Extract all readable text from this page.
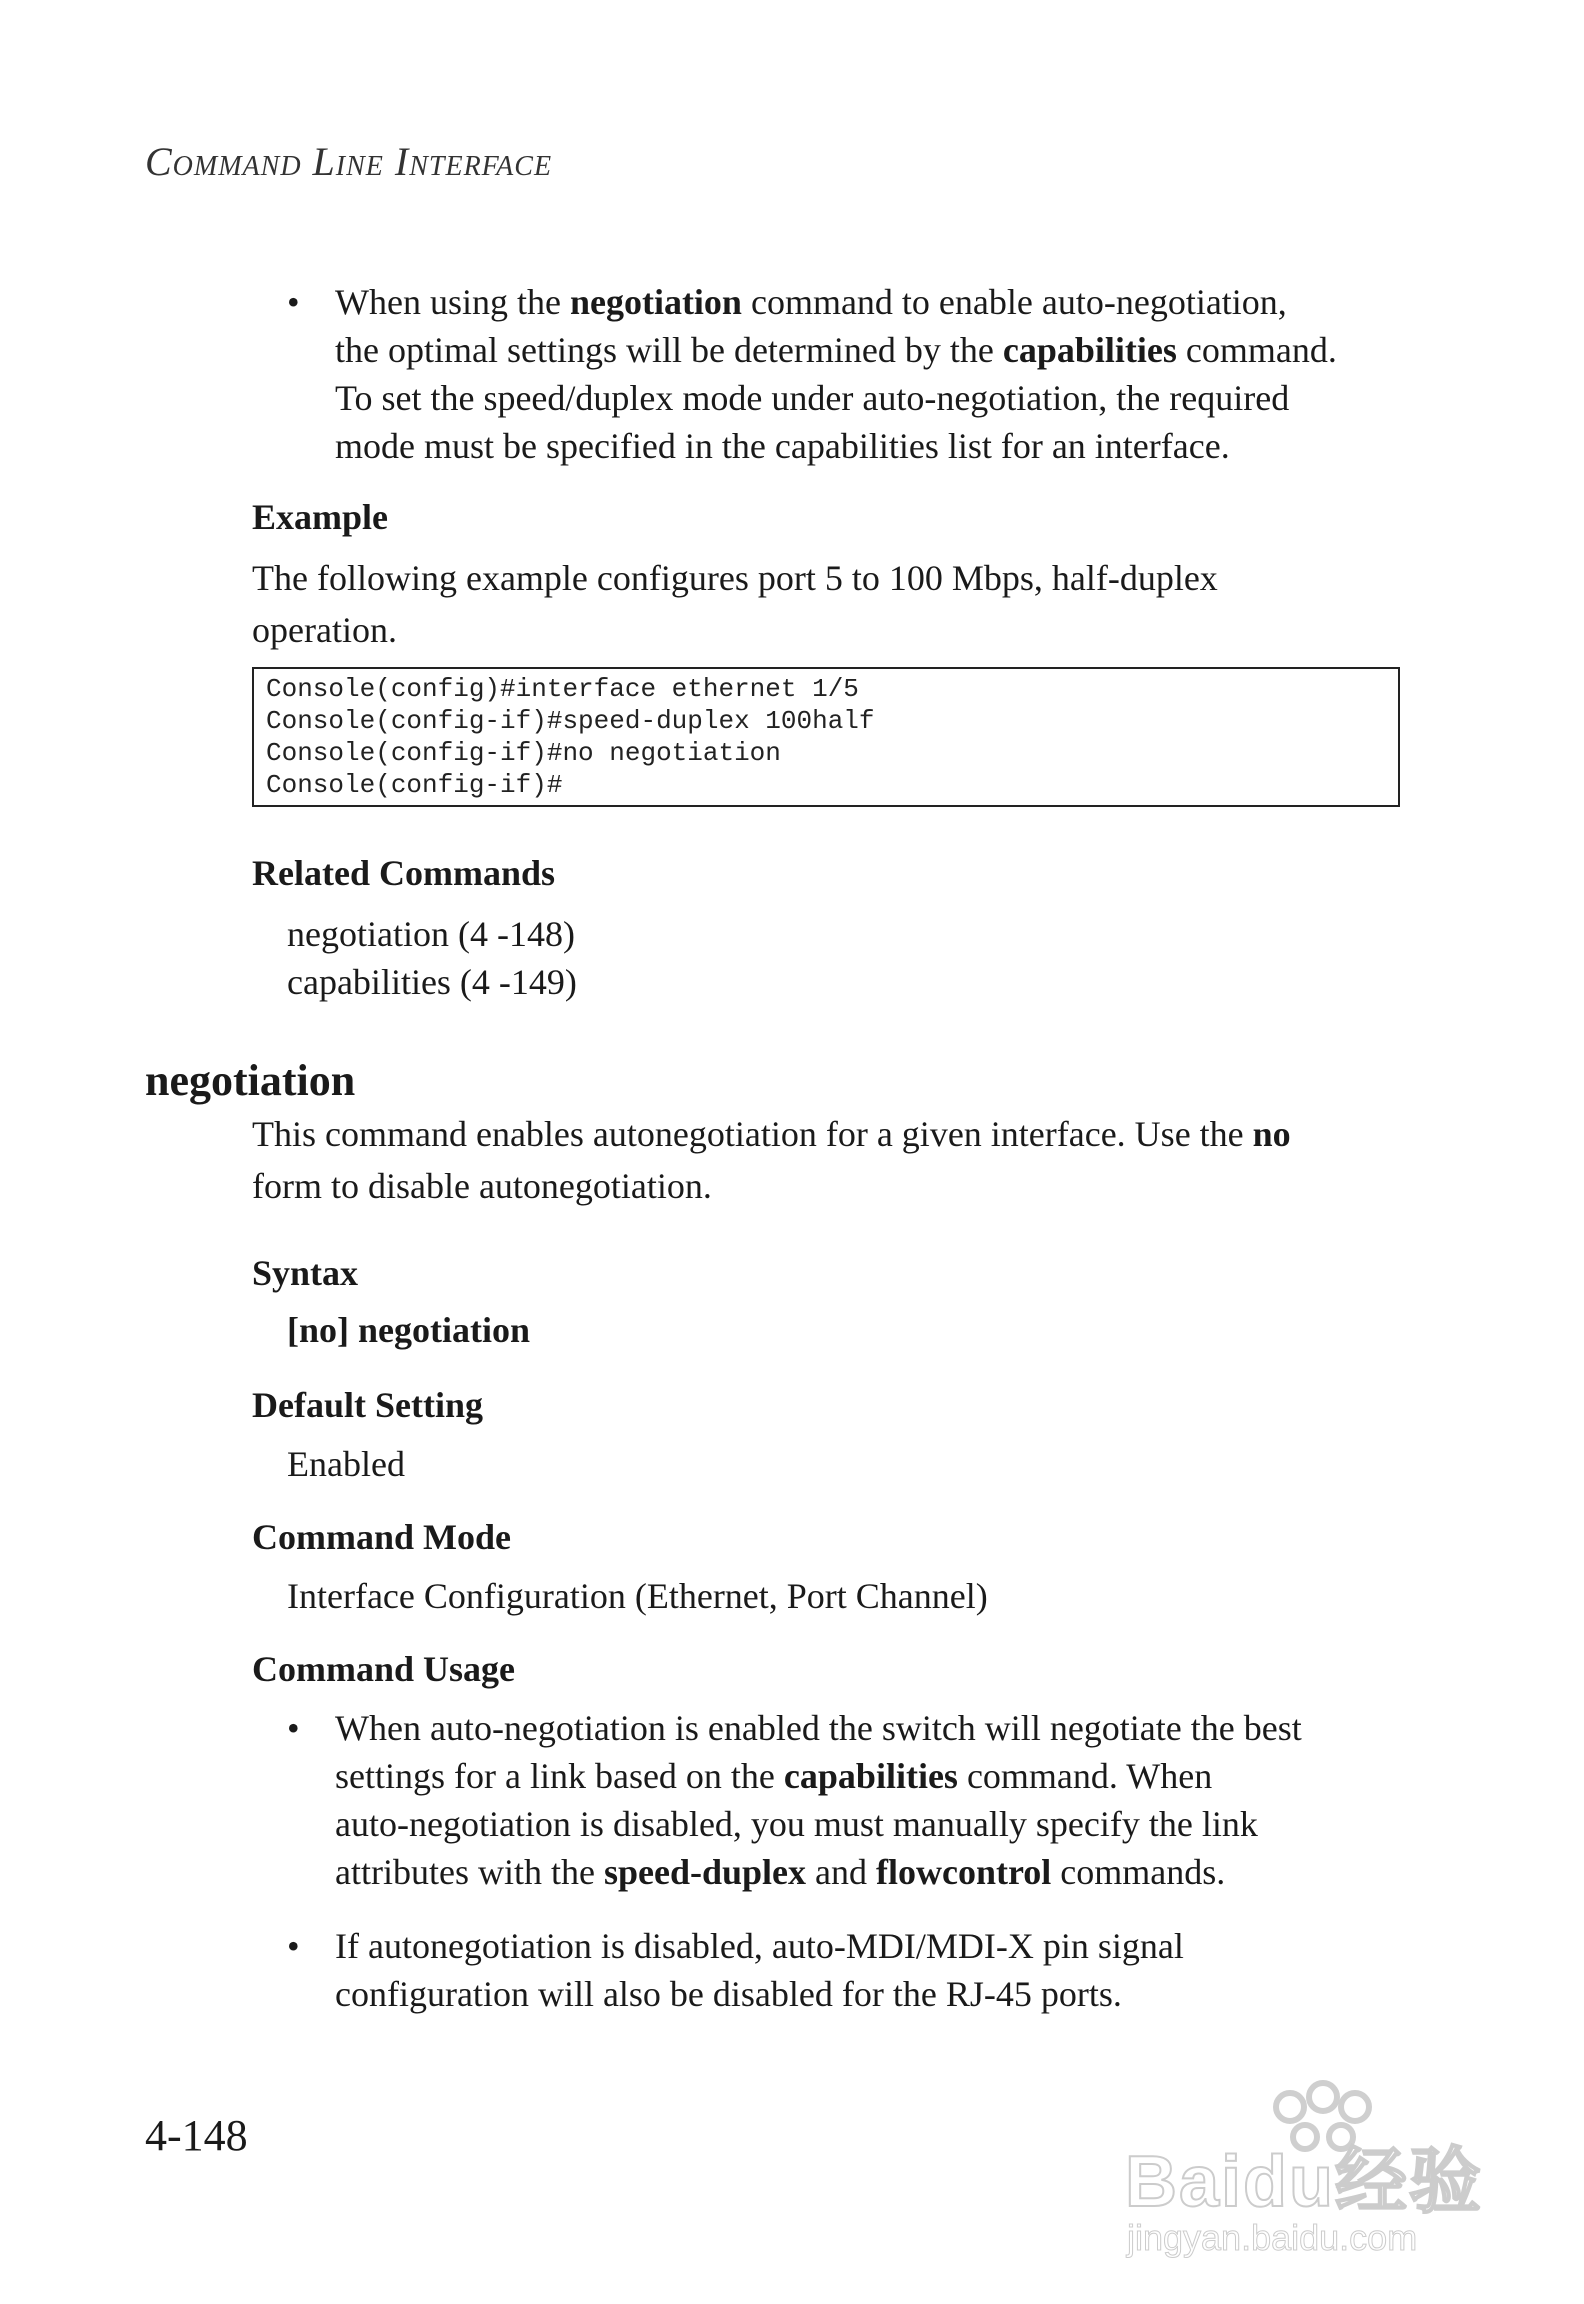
Command Line Interface
• When using the negotiation command to enable auto-negotiation,
the optimal settings will be determined by the capabilities command.
To set the speed/duplex mode under auto-negotiation, the required
mode must be specified in the capabilities list for an interface.
Example
The following example configures port 5 to 100 Mbps, half-duplex
operation.
Console(config)#interface ethernet 1/5
Console(config-if)#speed-duplex 100half
Console(config-if)#no negotiation
Console(config-if)#
Related Commands
negotiation (4 -148)
capabilities (4 -149)
negotiation
This command enables autonegotiation for a given interface. Use the no
form to disable autonegotiation.
Syntax
[no] negotiation
Default Setting
Enabled
Command Mode
Interface Configuration (Ethernet, Port Channel)
Command Usage
• When auto-negotiation is enabled the switch will negotiate the best
settings for a link based on the capabilities command. When
auto-negotiation is disabled, you must manually specify the link
attributes with the speed-duplex and flowcontrol commands.
• If autonegotiation is disabled, auto-MDI/MDI-X pin signal
configuration will also be disabled for the RJ-45 ports.
4-148
Baidu经验
jingyan.baidu.com
